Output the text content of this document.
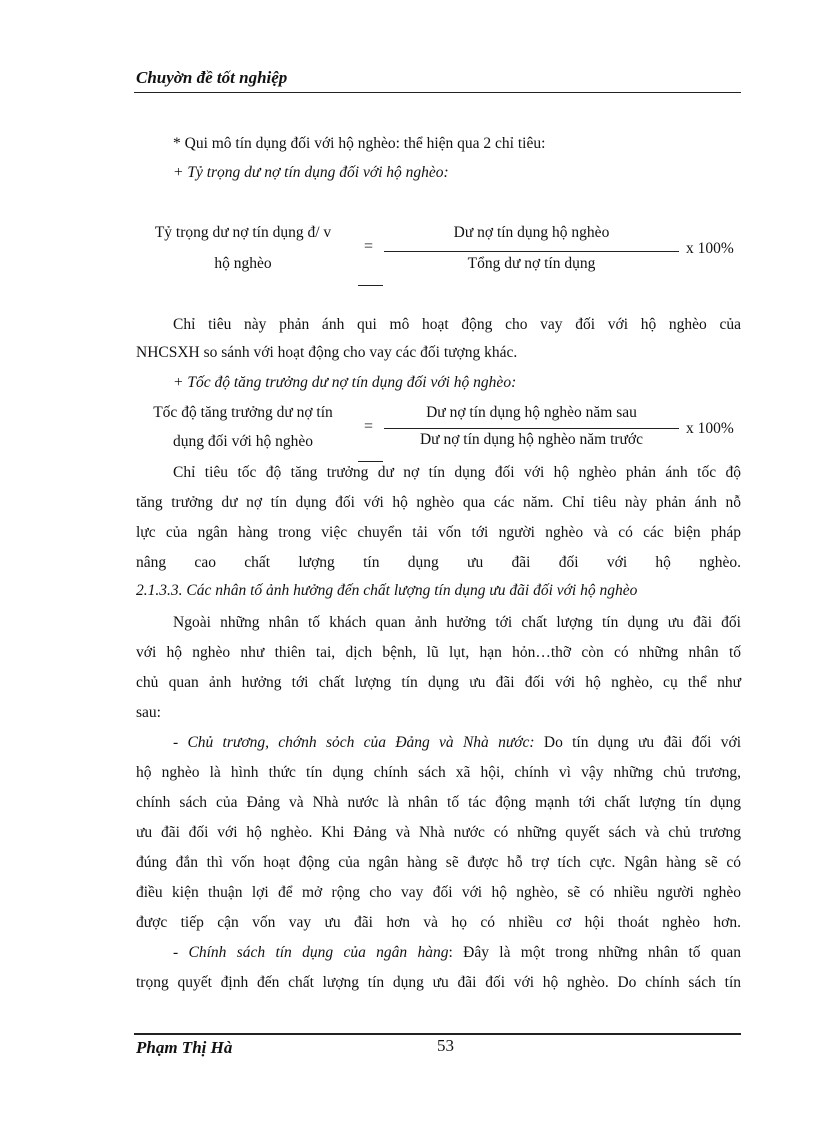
Chuyờn đề tốt nghiệp
* Qui mô tín dụng đối với hộ nghèo: thể hiện qua 2 chỉ tiêu:
+ Tỷ trọng dư nợ tín dụng đối với hộ nghèo:
Tỷ trọng dư nợ tín dụng đ/ v
hộ nghèo
=
Dư nợ tín dụng hộ nghèo
Tổng dư nợ tín dụng
x 100%
Chỉ tiêu này phản ánh qui mô hoạt động cho vay đối với hộ nghèo của
NHCSXH so sánh với hoạt động cho vay các đối tượng khác.
+ Tốc độ tăng trưởng dư nợ tín dụng đối với hộ nghèo:
Tốc độ tăng trưởng dư nợ tín
dụng đối với hộ nghèo
=
Dư nợ tín dụng hộ nghèo năm sau
Dư nợ tín dụng hộ nghèo năm trước
x 100%
Chỉ tiêu tốc độ tăng trưởng dư nợ tín dụng đối với hộ nghèo phản ánh tốc độ
tăng trưởng dư nợ tín dụng đối với hộ nghèo qua các năm. Chỉ tiêu này phản ánh nỗ
lực của ngân hàng trong việc chuyển tải vốn tới người nghèo và có các biện pháp
nâng cao chất lượng tín dụng ưu đãi đối với hộ nghèo.
2.1.3.3. Các nhân tố ảnh hưởng đến chất lượng tín dụng ưu đãi đối với hộ nghèo
Ngoài những nhân tố khách quan ảnh hưởng tới chất lượng tín dụng ưu đãi đối
với hộ nghèo như thiên tai, dịch bệnh, lũ lụt, hạn hỏn…thỡ còn có những nhân tố
chủ quan ảnh hưởng tới chất lượng tín dụng ưu đãi đối với hộ nghèo, cụ thể như
sau:
- Chủ trương, chớnh sỏch của Đảng và Nhà nước: Do tín dụng ưu đãi đối với
hộ nghèo là hình thức tín dụng chính sách xã hội, chính vì vậy những chủ trương,
chính sách của Đảng và Nhà nước là nhân tố tác động mạnh tới chất lượng tín dụng
ưu đãi đối với hộ nghèo. Khi Đảng và Nhà nước có những quyết sách và chủ trương
đúng đắn thì vốn hoạt động của ngân hàng sẽ được hỗ trợ tích cực. Ngân hàng sẽ có
điều kiện thuận lợi để mở rộng cho vay đối với hộ nghèo, sẽ có nhiều người nghèo
được tiếp cận vốn vay ưu đãi hơn và họ có nhiều cơ hội thoát nghèo hơn.
- Chính sách tín dụng của ngân hàng: Đây là một trong những nhân tố quan
trọng quyết định đến chất lượng tín dụng ưu đãi đối với hộ nghèo. Do chính sách tín
Phạm Thị Hà	53
